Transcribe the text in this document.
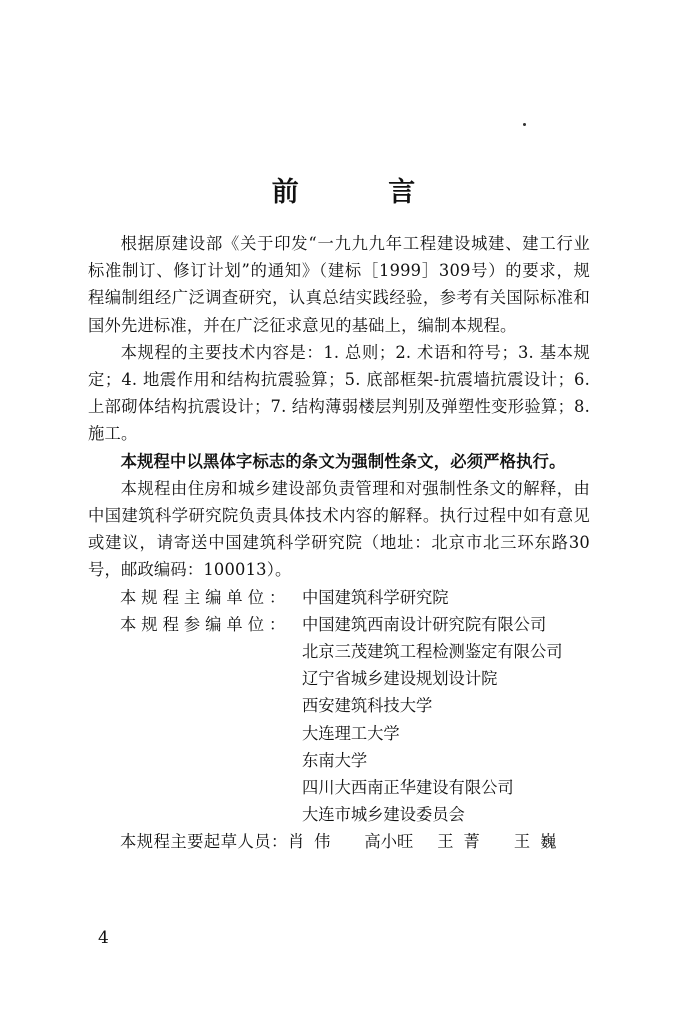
前 言

根据原建设部《关于印发“一九九九年工程建设城建、建工行业标准制订、修订计划”的通知》（建标［1999］309号）的要求，规程编制组经广泛调查研究，认真总结实践经验，参考有关国际标准和国外先进标准，并在广泛征求意见的基础上，编制本规程。

本规程的主要技术内容是：1. 总则；2. 术语和符号；3. 基本规定；4. 地震作用和结构抗震验算；5. 底部框架-抗震墙抗震设计；6. 上部砌体结构抗震设计；7. 结构薄弱楼层判别及弹塑性变形验算；8. 施工。

本规程中以黑体字标志的条文为强制性条文，必须严格执行。

本规程由住房和城乡建设部负责管理和对强制性条文的解释，由中国建筑科学研究院负责具体技术内容的解释。执行过程中如有意见或建议，请寄送中国建筑科学研究院（地址：北京市北三环东路30号，邮政编码：100013）。

本规程主编单位： 中国建筑科学研究院
本规程参编单位： 中国建筑西南设计研究院有限公司
北京三茂建筑工程检测鉴定有限公司
辽宁省城乡建设规划设计院
西安建筑科技大学
大连理工大学
东南大学
四川大西南正华建设有限公司
大连市城乡建设委员会
本规程主要起草人员： 肖伟 高小旺 王菁 王巍
4
